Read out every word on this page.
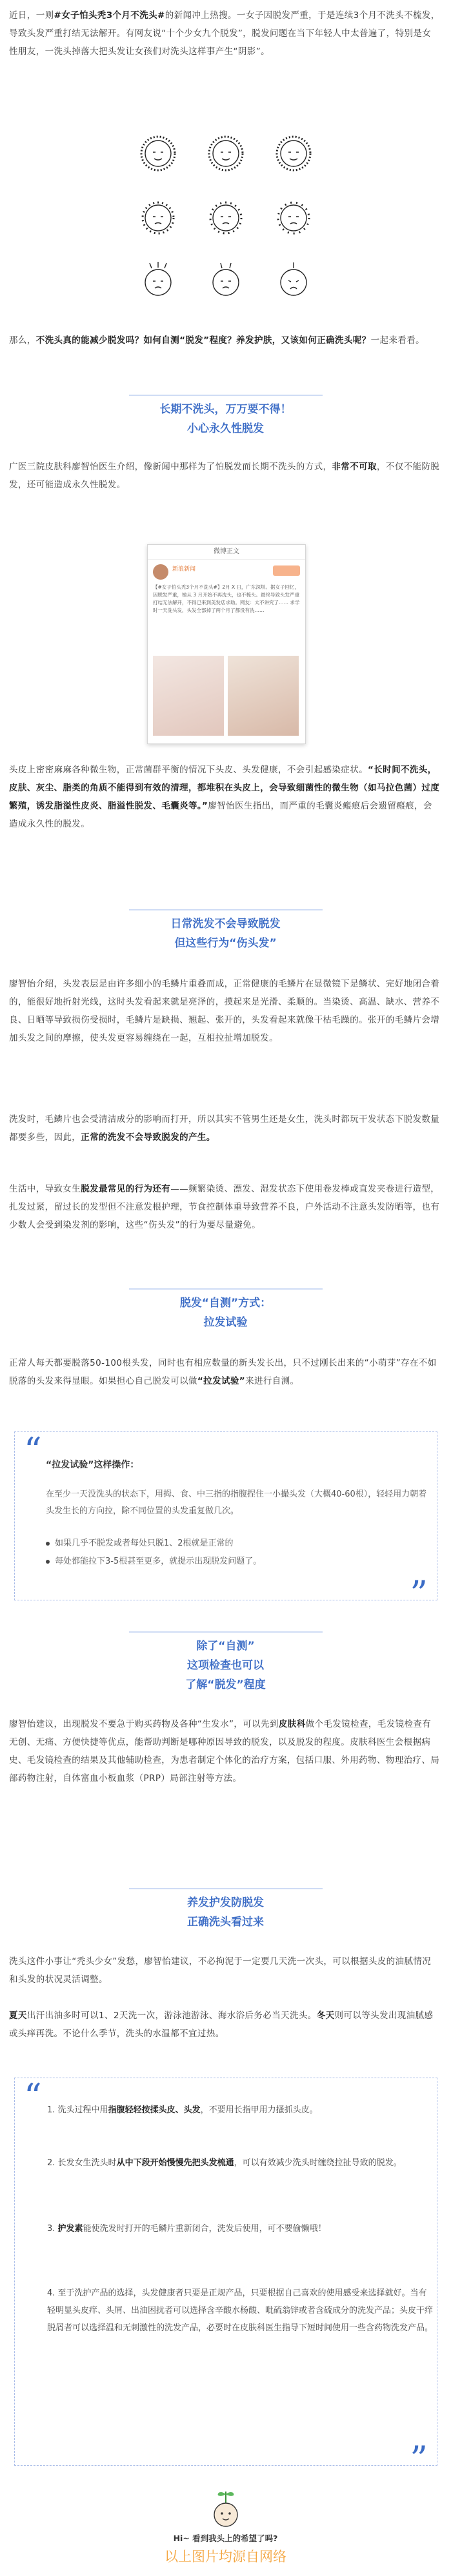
近日，一则#女子怕头秃3个月不洗头#的新闻冲上热搜。一女子因脱发严重，于是连续3个月不洗头不梳发，导致头发严重打结无法解开。有网友说“十个少女九个脱发”，脱发问题在当下年轻人中太普遍了，特别是女性朋友，一洗头掉落大把头发让女孩们对洗头这样事产生“阴影”。

那么，不洗头真的能减少脱发吗？如何自测“脱发”程度？养发护肤，又该如何正确洗头呢？一起来看看。

长期不洗头，万万要不得！
小心永久性脱发

广医三院皮肤科廖智怡医生介绍，像新闻中那样为了怕脱发而长期不洗头的方式，非常不可取，不仅不能防脱发，还可能造成永久性脱发。

微博正文
新浪新闻
【#女子怕头秃3个月不洗头#】2月 X 日，广东深圳。据女子回忆，因脱发严重，她从 3 月开始不再洗头，也不梳头。最终导致头发严重打结无法解开，不得已来到美发店求助。网友：太不讲究了…… 求学时一天洗头发，头发全部掉了两个月了都没有洗……

头皮上密密麻麻各种微生物，正常菌群平衡的情况下头皮、头发健康，不会引起感染症状。“长时间不洗头，皮肤、灰尘、脂类的角质不能得到有效的清理，都堆积在头皮上，会导致细菌性的微生物（如马拉色菌）过度繁殖，诱发脂溢性皮炎、脂溢性脱发、毛囊炎等。”廖智怡医生指出，而严重的毛囊炎瘢痕后会遗留瘢痕，会造成永久性的脱发。

日常洗发不会导致脱发
但这些行为“伤头发”

廖智怡介绍，头发表层是由许多细小的毛鳞片重叠而成，正常健康的毛鳞片在显微镜下是鳞状、完好地闭合着的，能很好地折射光线，这时头发看起来就是亮泽的，摸起来是光滑、柔顺的。当染烫、高温、缺水、营养不良、日晒等导致损伤受损时，毛鳞片是缺损、翘起、张开的，头发看起来就像干枯毛躁的。张开的毛鳞片会增加头发之间的摩擦，使头发更容易缠绕在一起，互相拉扯增加脱发。

洗发时，毛鳞片也会受清洁成分的影响而打开，所以其实不管男生还是女生，洗头时都玩干发状态下脱发数量都要多些，因此，正常的洗发不会导致脱发的产生。

生活中，导致女生脱发最常见的行为还有——频繁染烫、漂发、湿发状态下使用卷发棒或直发夹卷进行造型，扎发过紧，留过长的发型但不注意发根护理，节食控制体重导致营养不良，户外活动不注意头发防晒等，也有少数人会受到染发剂的影响，这些“伤头发”的行为要尽量避免。

脱发“自测”方式：
拉发试验

正常人每天都要脱落50-100根头发，同时也有相应数量的新头发长出，只不过刚长出来的“小萌芽”存在不如脱落的头发来得显眼。如果担心自己脱发可以做“拉发试验”来进行自测。

“ “拉发试验”这样操作：
在至少一天没洗头的状态下，用拇、食、中三指的指腹捏住一小撮头发（大概40-60根），轻轻用力朝着头发生长的方向拉，除不同位置的头发重复做几次。
如果几乎不脱发或者每处只脱1、2根就是正常的
每处都能拉下3-5根甚至更多，就提示出现脱发问题了。
”
除了“自测”
这项检查也可以
了解“脱发”程度

廖智怡建议，出现脱发不要急于购买药物及各种“生发水”，可以先到皮肤科做个毛发镜检查，毛发镜检查有无创、无痛、方便快捷等优点，能帮助判断是哪种原因导致的脱发，以及脱发的程度。皮肤科医生会根据病史、毛发镜检查的结果及其他辅助检查，为患者制定个体化的治疗方案，包括口服、外用药物、物理治疗、局部药物注射，自体富血小板血浆（PRP）局部注射等方法。

养发护发防脱发
正确洗头看过来

洗头这件小事让“秃头少女”发愁，廖智怡建议，不必拘泥于一定要几天洗一次头，可以根据头皮的油腻情况和头发的状况灵活调整。

夏天出汗出油多时可以1、2天洗一次，游泳池游泳、海水浴后务必当天洗头。冬天则可以等头发出现油腻感或头痒再洗。不论什么季节，洗头的水温都不宜过热。

“ 1. 洗头过程中用指腹轻轻按揉头皮、头发，不要用长指甲用力搔抓头皮。
2. 长发女生洗头时从中下段开始慢慢先把头发梳通，可以有效减少洗头时缠绕拉扯导致的脱发。
3. 护发素能使洗发时打开的毛鳞片重新闭合，洗发后使用，可不要偷懒哦！
4. 至于洗护产品的选择，头发健康者只要是正规产品，只要根据自己喜欢的使用感受来选择就好。当有轻明显头皮痒、头屑、出油困扰者可以选择含辛酸水杨酸、吡硫翁锌或者含硫成分的洗发产品；头皮干痒脱屑者可以选择温和无刺激性的洗发产品，必要时在皮肤科医生指导下短时间使用一些含药物洗发产品。
”
Hi~ 看到我头上的希望了吗?
以上图片均源自网络
